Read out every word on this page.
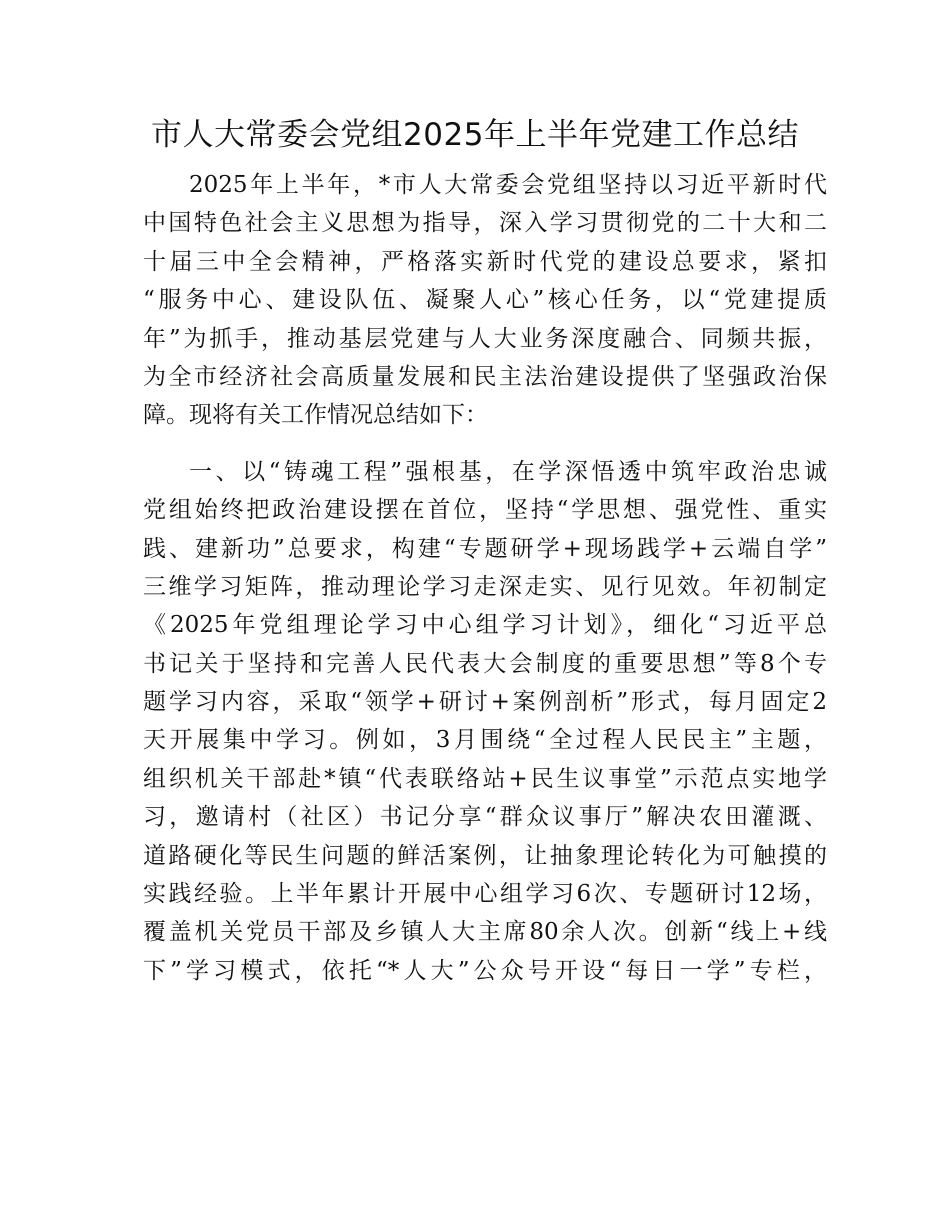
市人大常委会党组2025年上半年党建工作总结
2025年上半年，*市人大常委会党组坚持以习近平新时代
中国特色社会主义思想为指导，深入学习贯彻党的二十大和二
十届三中全会精神，严格落实新时代党的建设总要求，紧扣
“服务中心、建设队伍、凝聚人心”核心任务，以“党建提质
年”为抓手，推动基层党建与人大业务深度融合、同频共振，
为全市经济社会高质量发展和民主法治建设提供了坚强政治保
障。现将有关工作情况总结如下：
一、以“铸魂工程”强根基，在学深悟透中筑牢政治忠诚
党组始终把政治建设摆在首位，坚持“学思想、强党性、重实
践、建新功”总要求，构建“专题研学+现场践学+云端自学”
三维学习矩阵，推动理论学习走深走实、见行见效。年初制定
《2025年党组理论学习中心组学习计划》，细化“习近平总
书记关于坚持和完善人民代表大会制度的重要思想”等8个专
题学习内容，采取“领学+研讨+案例剖析”形式，每月固定2
天开展集中学习。例如，3月围绕“全过程人民民主”主题，
组织机关干部赴*镇“代表联络站+民生议事堂”示范点实地学
习，邀请村（社区）书记分享“群众议事厅”解决农田灌溉、
道路硬化等民生问题的鲜活案例，让抽象理论转化为可触摸的
实践经验。上半年累计开展中心组学习6次、专题研讨12场，
覆盖机关党员干部及乡镇人大主席80余人次。创新“线上+线
下”学习模式，依托“*人大”公众号开设“每日一学”专栏，
